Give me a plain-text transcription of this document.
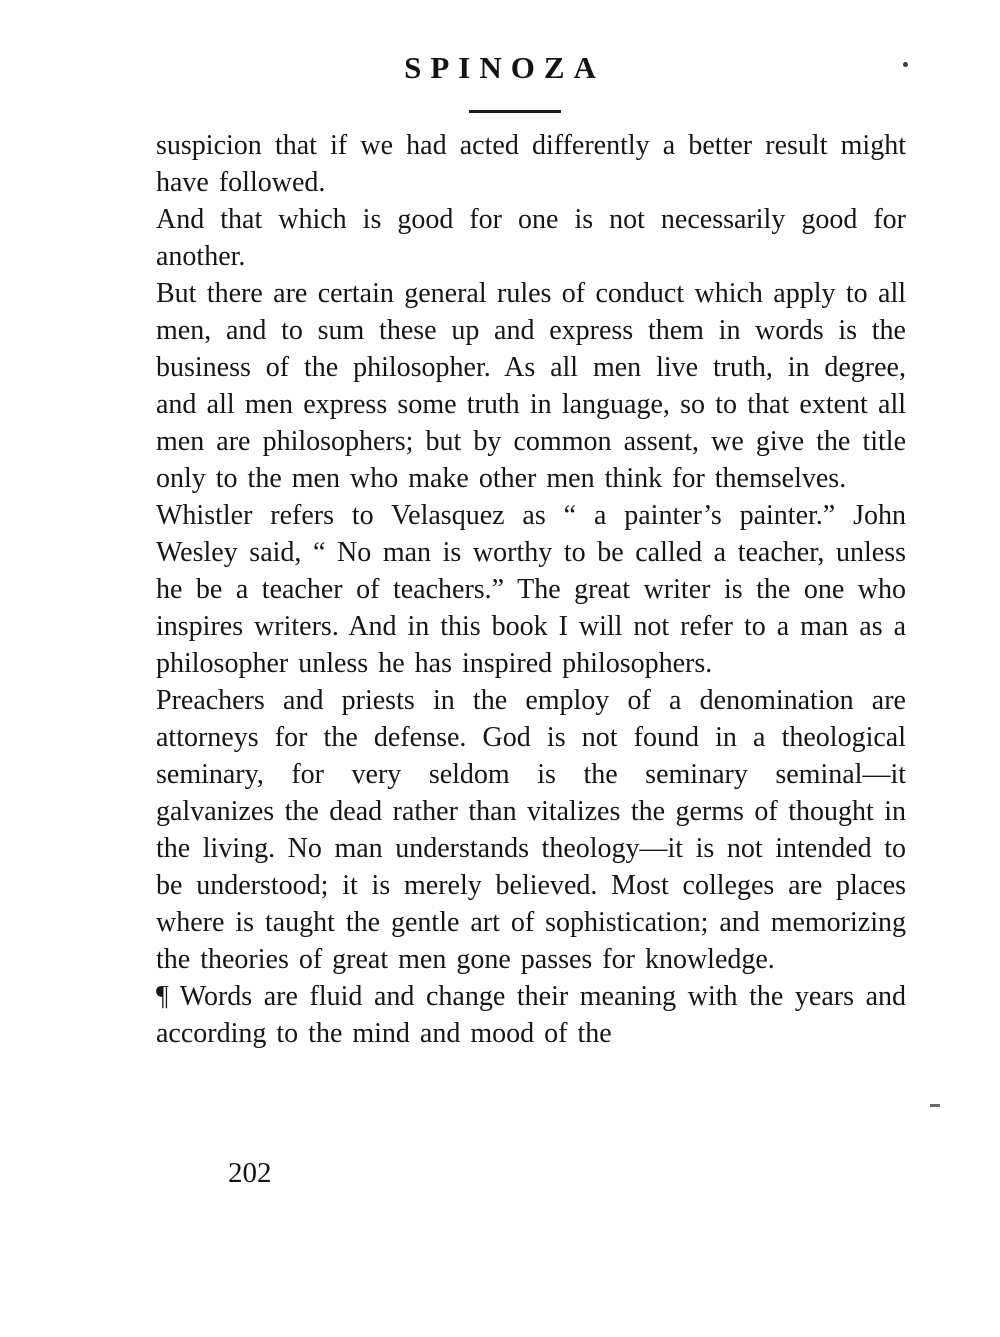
SPINOZA

suspicion that if we had acted differently a better result might have followed.

And that which is good for one is not necessarily good for another.

But there are certain general rules of conduct which apply to all men, and to sum these up and express them in words is the business of the philosopher. As all men live truth, in degree, and all men express some truth in language, so to that extent all men are philosophers; but by common assent, we give the title only to the men who make other men think for themselves.

Whistler refers to Velasquez as “ a painter’s painter.” John Wesley said, “ No man is worthy to be called a teacher, unless he be a teacher of teachers.” The great writer is the one who inspires writers. And in this book I will not refer to a man as a philosopher unless he has inspired philosophers.

Preachers and priests in the employ of a denomination are attorneys for the defense. God is not found in a theological seminary, for very seldom is the seminary seminal—it galvanizes the dead rather than vitalizes the germs of thought in the living. No man understands theology—it is not intended to be understood; it is merely believed. Most colleges are places where is taught the gentle art of sophistication; and memorizing the theories of great men gone passes for knowledge.

¶ Words are fluid and change their meaning with the years and according to the mind and mood of the

202
